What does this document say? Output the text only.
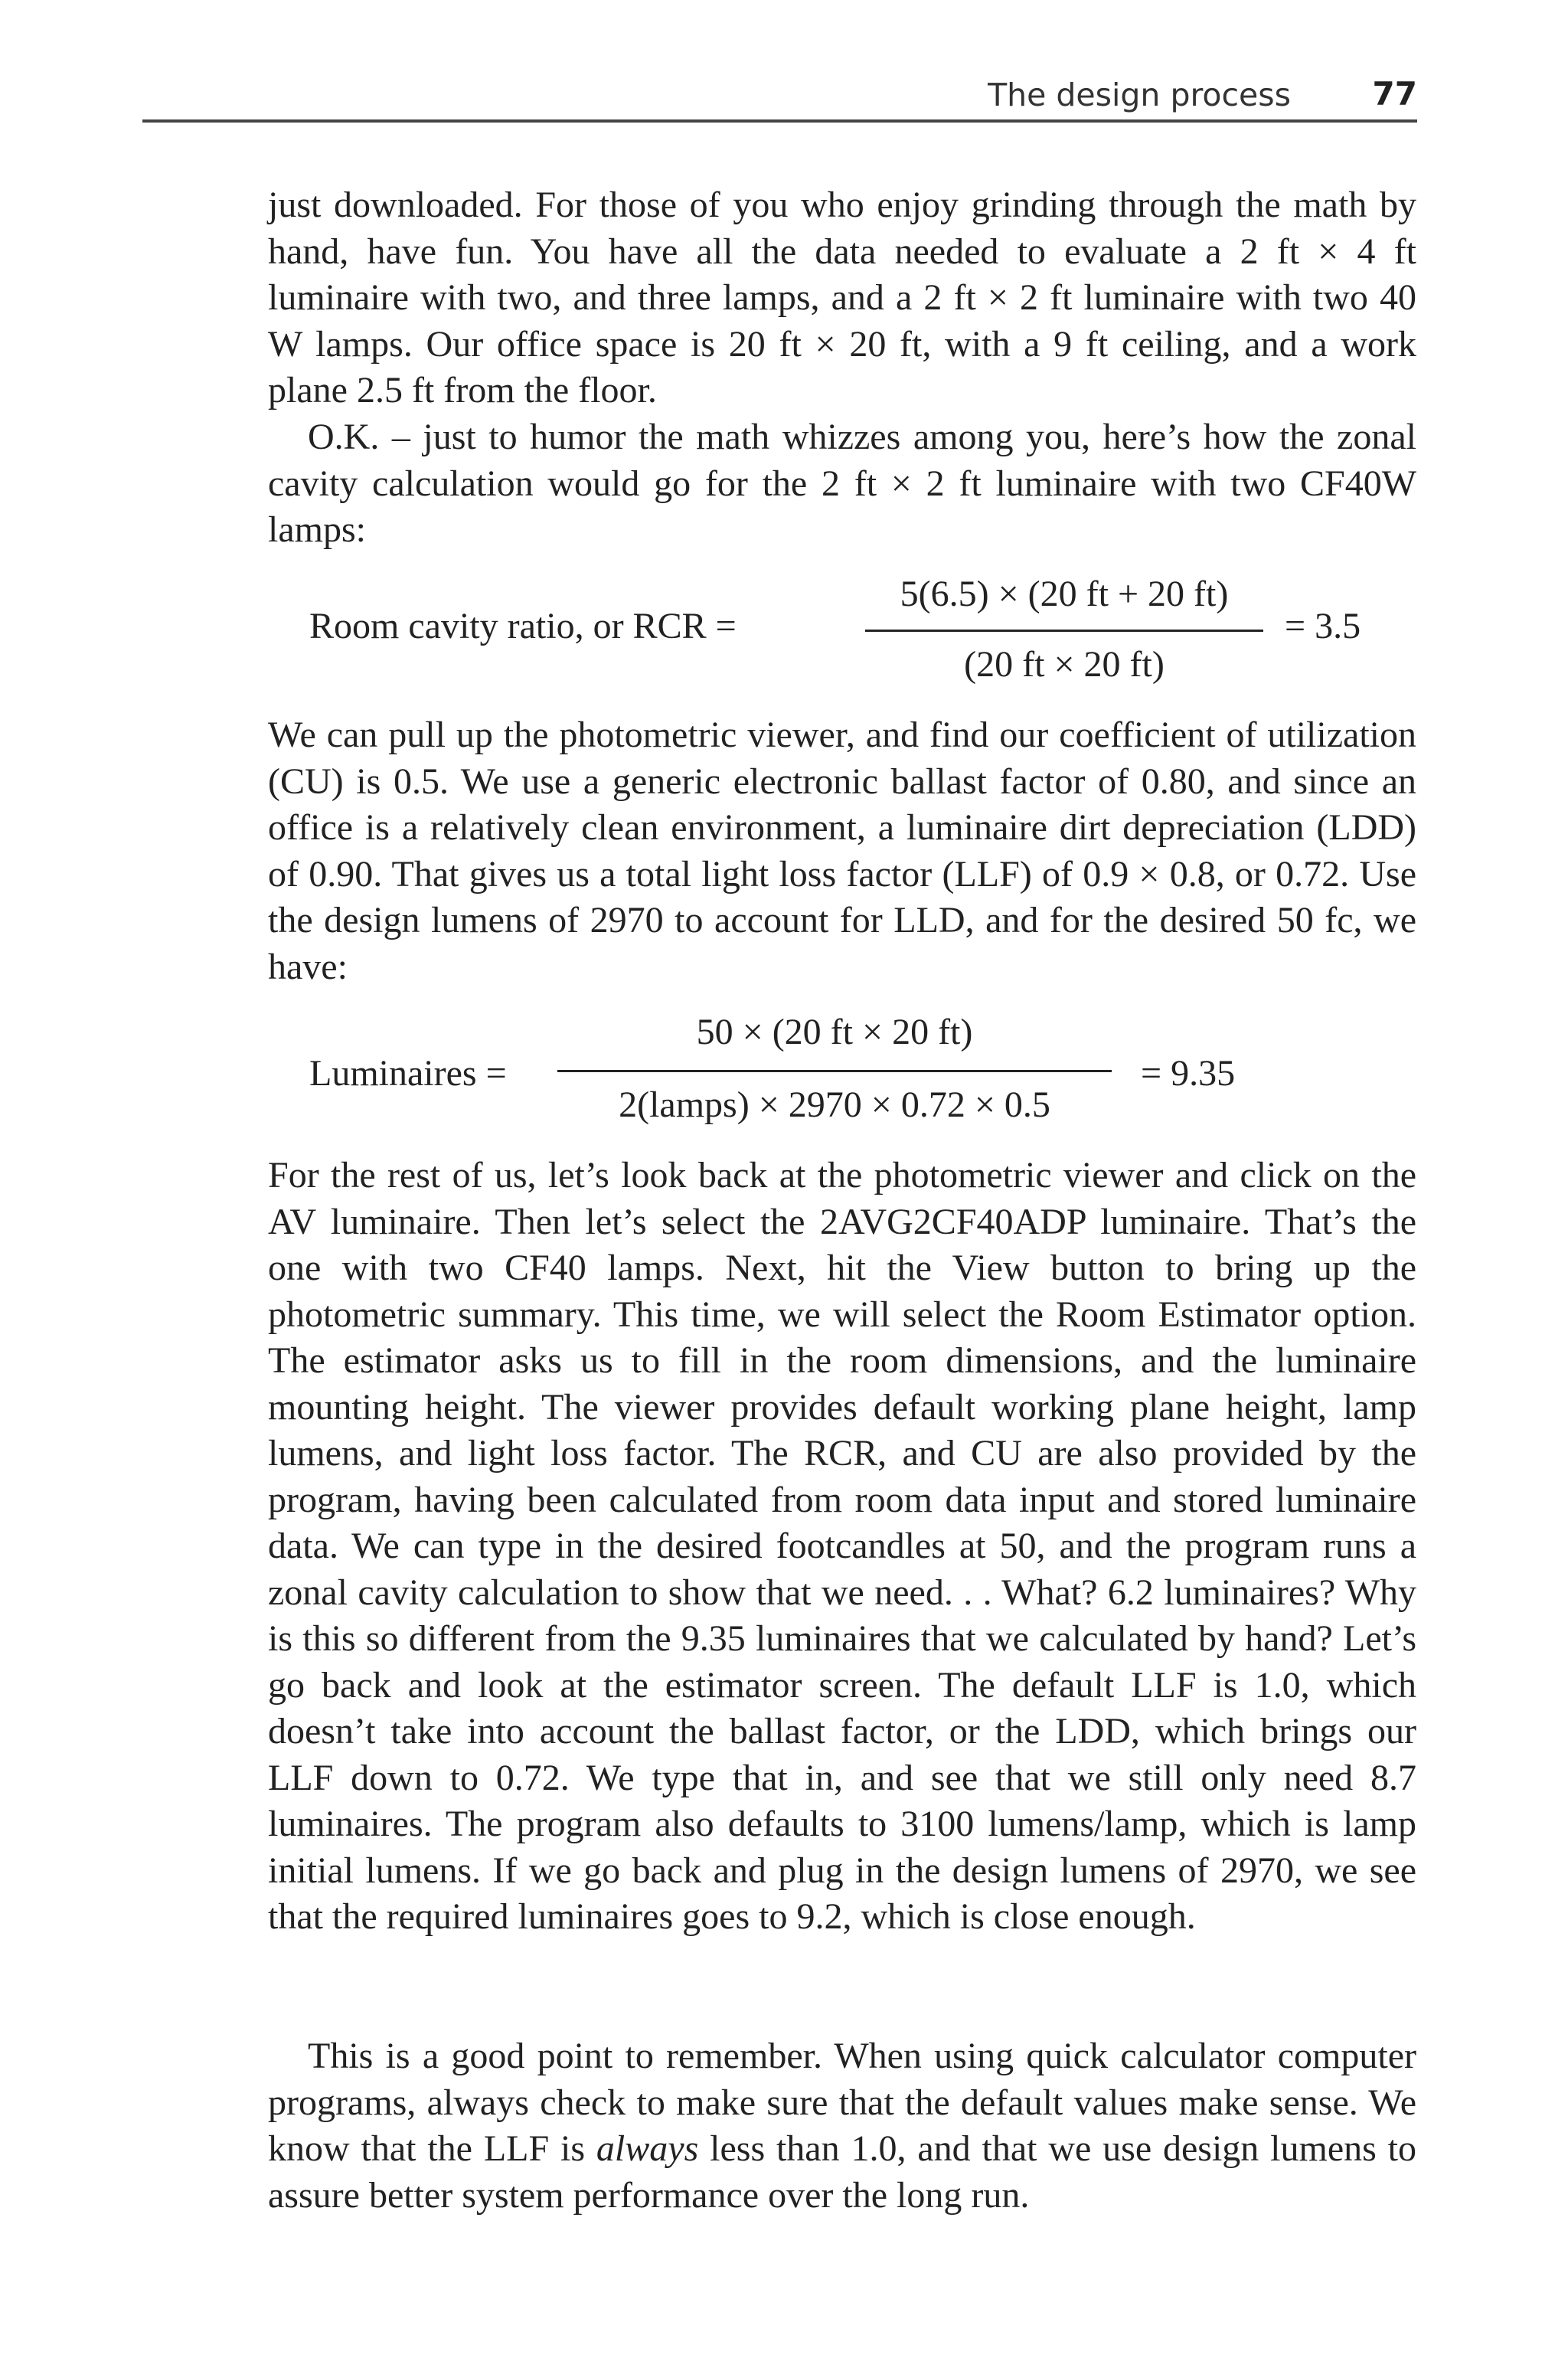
The design process	77

just downloaded. For those of you who enjoy grinding through the math by hand, have fun. You have all the data needed to evaluate a 2 ft × 4 ft luminaire with two, and three lamps, and a 2 ft × 2 ft luminaire with two 40 W lamps. Our office space is 20 ft × 20 ft, with a 9 ft ceiling, and a work plane 2.5 ft from the floor.

O.K. – just to humor the math whizzes among you, here’s how the zonal cavity calculation would go for the 2 ft × 2 ft luminaire with two CF40W lamps:

Room cavity ratio, or RCR =
5(6.5) × (20 ft + 20 ft)
(20 ft × 20 ft)
= 3.5

We can pull up the photometric viewer, and find our coefficient of utilization (CU) is 0.5. We use a generic electronic ballast factor of 0.80, and since an office is a relatively clean environment, a luminaire dirt depreciation (LDD) of 0.90. That gives us a total light loss factor (LLF) of 0.9 × 0.8, or 0.72. Use the design lumens of 2970 to account for LLD, and for the desired 50 fc, we have:

Luminaires =
50 × (20 ft × 20 ft)
2(lamps) × 2970 × 0.72 × 0.5
= 9.35

For the rest of us, let’s look back at the photometric viewer and click on the AV luminaire. Then let’s select the 2AVG2CF40ADP luminaire. That’s the one with two CF40 lamps. Next, hit the View button to bring up the photometric summary. This time, we will select the Room Estimator option. The estimator asks us to fill in the room dimensions, and the luminaire mounting height. The viewer provides default working plane height, lamp lumens, and light loss factor. The RCR, and CU are also provided by the program, having been calculated from room data input and stored luminaire data. We can type in the desired footcandles at 50, and the program runs a zonal cavity calculation to show that we need. . . What? 6.2 luminaires? Why is this so different from the 9.35 luminaires that we calculated by hand? Let’s go back and look at the estimator screen. The default LLF is 1.0, which doesn’t take into account the ballast factor, or the LDD, which brings our LLF down to 0.72. We type that in, and see that we still only need 8.7 luminaires. The program also defaults to 3100 lumens/lamp, which is lamp initial lumens. If we go back and plug in the design lumens of 2970, we see that the required luminaires goes to 9.2, which is close enough.

This is a good point to remember. When using quick calculator computer programs, always check to make sure that the default values make sense. We know that the LLF is always less than 1.0, and that we use design lumens to assure better system performance over the long run.
